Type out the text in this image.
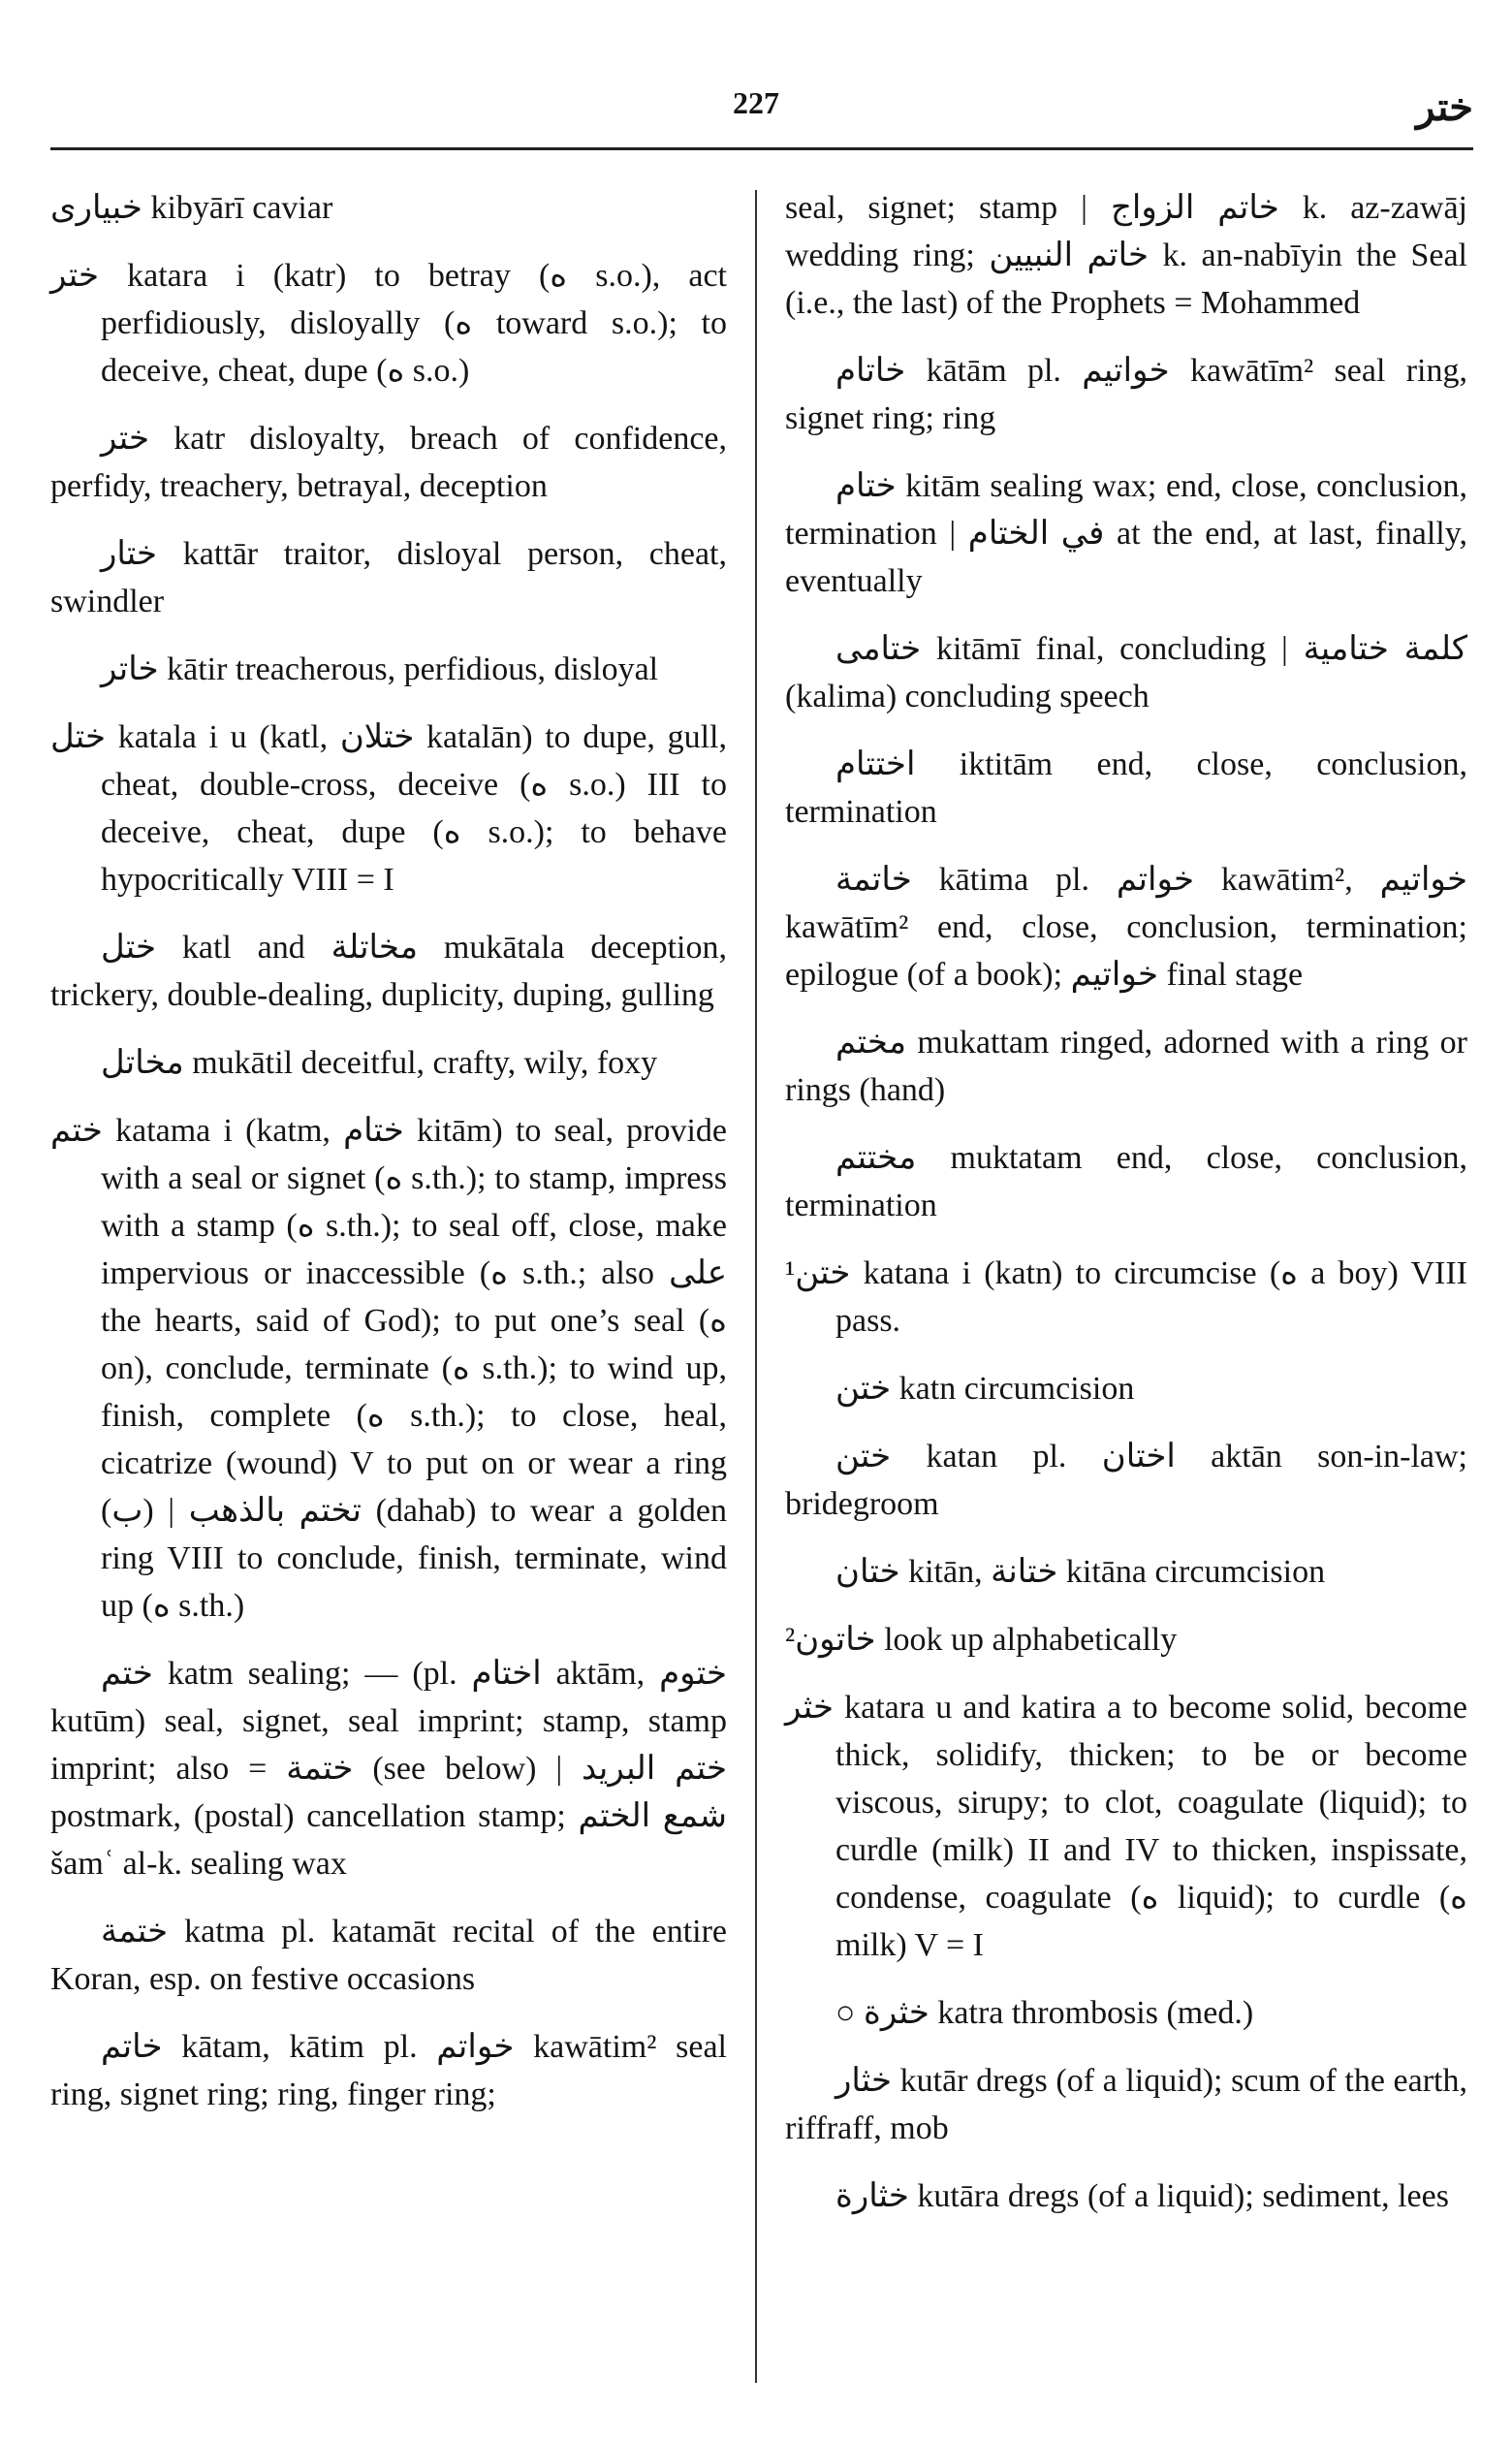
227	ختر

خبيارى kibyārī caviar

ختر katara i (katr) to betray (ه s.o.), act perfidiously, disloyally (ه toward s.o.); to deceive, cheat, dupe (ه s.o.)

ختر katr disloyalty, breach of confidence, perfidy, treachery, betrayal, deception

ختار kattār traitor, disloyal person, cheat, swindler

خاتر kātir treacherous, perfidious, disloyal

ختل katala i u (katl, ختلان katalān) to dupe, gull, cheat, double-cross, deceive (ه s.o.) III to deceive, cheat, dupe (ه s.o.); to behave hypocritically VIII = I

ختل katl and مخاتلة mukātala deception, trickery, double-dealing, duplicity, duping, gulling

مخاتل mukātil deceitful, crafty, wily, foxy

ختم katama i (katm, ختام kitām) to seal, provide with a seal or signet (ه s.th.); to stamp, impress with a stamp (ه s.th.); to seal off, close, make impervious or inaccessible (ه s.th.; also على the hearts, said of God); to put one’s seal (ه on), conclude, terminate (ه s.th.); to wind up, finish, complete (ه s.th.); to close, heal, cicatrize (wound) V to put on or wear a ring (ب) | تختم بالذهب (dahab) to wear a golden ring VIII to conclude, finish, terminate, wind up (ه s.th.)

ختم katm sealing; — (pl. اختام aktām, ختوم kutūm) seal, signet, seal imprint; stamp, stamp imprint; also = ختمة (see below) | ختم البريد postmark, (postal) cancellation stamp; شمع الختم šamʿ al-k. sealing wax

ختمة katma pl. katamāt recital of the entire Koran, esp. on festive occasions

خاتم kātam, kātim pl. خواتم kawātim² seal ring, signet ring; ring, finger ring;

seal, signet; stamp | خاتم الزواج k. az-zawāj wedding ring; خاتم النبيين k. an-nabīyin the Seal (i.e., the last) of the Prophets = Mohammed

خاتام kātām pl. خواتيم kawātīm² seal ring, signet ring; ring

ختام kitām sealing wax; end, close, conclusion, termination | في الختام at the end, at last, finally, eventually

ختامى kitāmī final, concluding | كلمة ختامية (kalima) concluding speech

اختتام iktitām end, close, conclusion, termination

خاتمة kātima pl. خواتم kawātim², خواتيم kawātīm² end, close, conclusion, termination; epilogue (of a book); خواتيم final stage

مختم mukattam ringed, adorned with a ring or rings (hand)

مختتم muktatam end, close, conclusion, termination

¹ختن katana i (katn) to circumcise (ه a boy) VIII pass.

ختن katn circumcision

ختن katan pl. اختان aktān son-in-law; bridegroom

ختان kitān, ختانة kitāna circumcision

²خاتون look up alphabetically

خثر katara u and katira a to become solid, become thick, solidify, thicken; to be or become viscous, sirupy; to clot, coagulate (liquid); to curdle (milk) II and IV to thicken, inspissate, condense, coagulate (ه liquid); to curdle (ه milk) V = I

○ خثرة katra thrombosis (med.)

خثار kutār dregs (of a liquid); scum of the earth, riffraff, mob

خثارة kutāra dregs (of a liquid); sediment, lees
